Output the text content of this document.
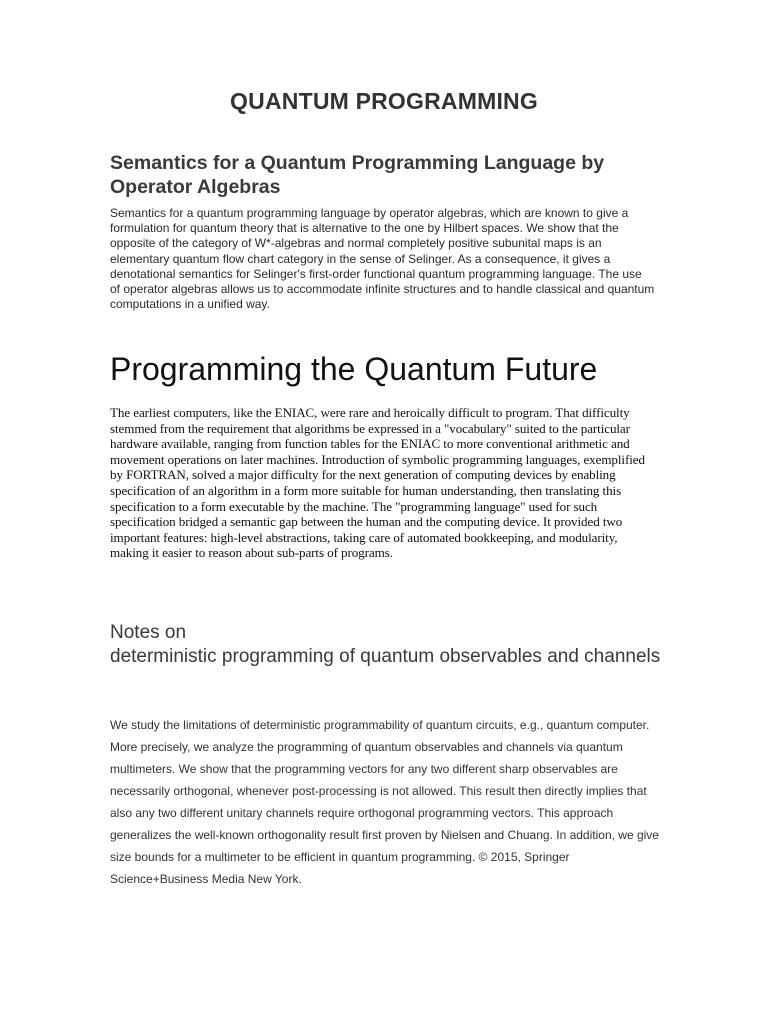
QUANTUM PROGRAMMING
Semantics for a Quantum Programming Language by Operator Algebras

Semantics for a quantum programming language by operator algebras, which are known to give a formulation for quantum theory that is alternative to the one by Hilbert spaces. We show that the opposite of the category of W*-algebras and normal completely positive subunital maps is an elementary quantum flow chart category in the sense of Selinger. As a consequence, it gives a denotational semantics for Selinger's first-order functional quantum programming language. The use of operator algebras allows us to accommodate infinite structures and to handle classical and quantum computations in a unified way.

Programming the Quantum Future

The earliest computers, like the ENIAC, were rare and heroically difficult to program. That difficulty stemmed from the requirement that algorithms be expressed in a "vocabulary" suited to the particular hardware available, ranging from function tables for the ENIAC to more conventional arithmetic and movement operations on later machines. Introduction of symbolic programming languages, exemplified by FORTRAN, solved a major difficulty for the next generation of computing devices by enabling specification of an algorithm in a form more suitable for human understanding, then translating this specification to a form executable by the machine. The "programming language" used for such specification bridged a semantic gap between the human and the computing device. It provided two important features: high-level abstractions, taking care of automated bookkeeping, and modularity, making it easier to reason about sub-parts of programs.

Notes on
deterministic programming of quantum observables and channels

We study the limitations of deterministic programmability of quantum circuits, e.g., quantum computer. More precisely, we analyze the programming of quantum observables and channels via quantum multimeters. We show that the programming vectors for any two different sharp observables are necessarily orthogonal, whenever post-processing is not allowed. This result then directly implies that also any two different unitary channels require orthogonal programming vectors. This approach generalizes the well-known orthogonality result first proven by Nielsen and Chuang. In addition, we give size bounds for a multimeter to be efficient in quantum programming. © 2015, Springer Science+Business Media New York.
